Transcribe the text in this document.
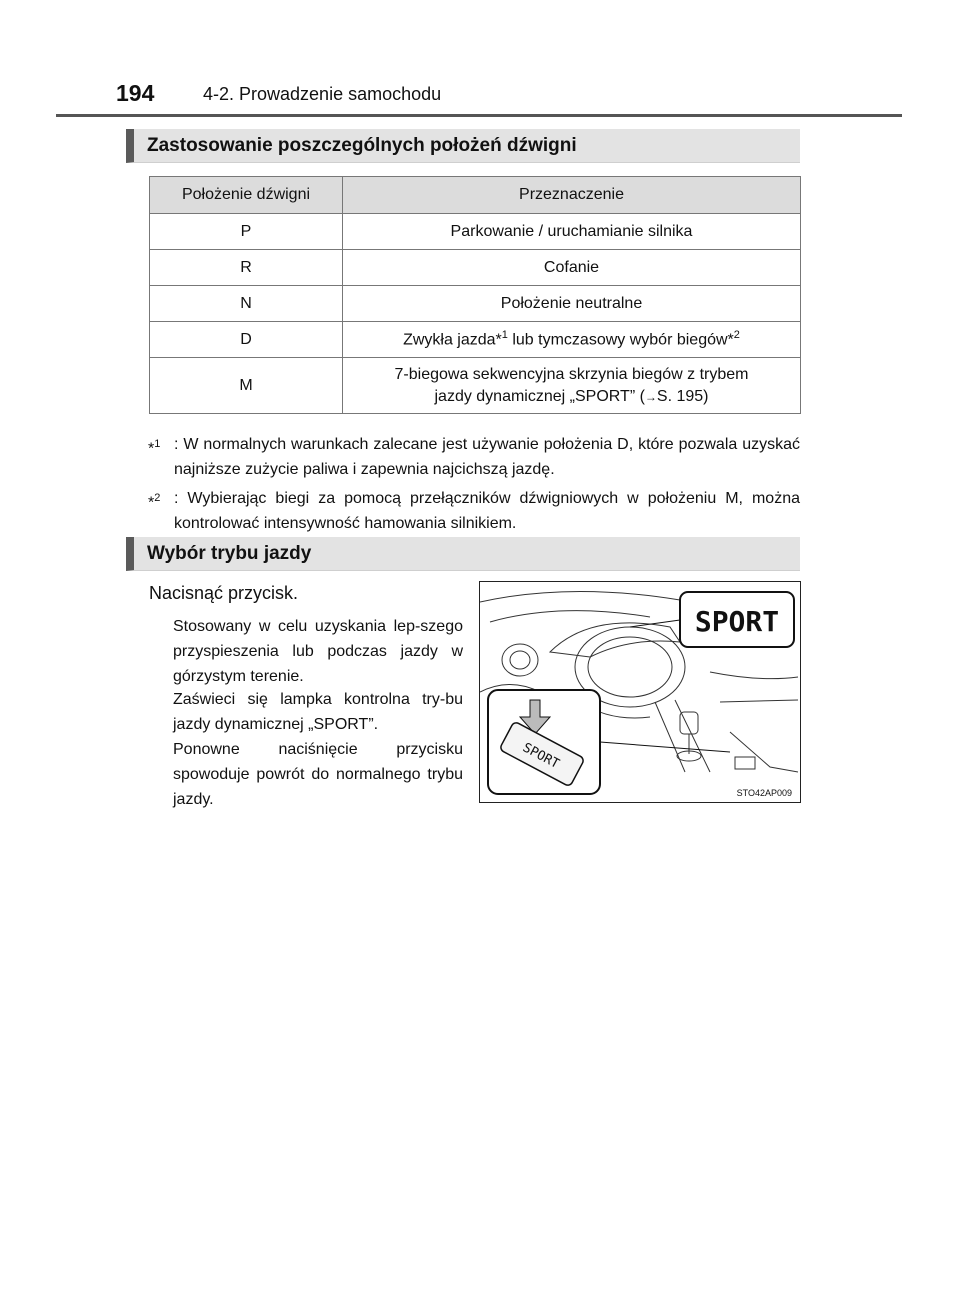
194	4-2. Prowadzenie samochodu
Zastosowanie poszczególnych położeń dźwigni
Położenie dźwigni	Przeznaczenie
P	Parkowanie / uruchamianie silnika
R	Cofanie
N	Położenie neutralne
D	Zwykła jazda*$^1$ lub tymczasowy wybór biegów*$^2$
M	7-biegowa sekwencyjna skrzynia biegów z trybem
jazdy dynamicznej „SPORT” (→S. 195)
*$^1$ : W normalnych warunkach zalecane jest używanie położenia D, które pozwala uzyskać najniższe zużycie paliwa i zapewnia najcichszą jazdę.
*$^2$ : Wybierając biegi za pomocą przełączników dźwigniowych w położeniu M, można kontrolować intensywność hamowania silnikiem.
Wybór trybu jazdy
Nacisnąć przycisk.
Stosowany w celu uzyskania lep-szego przyspieszenia lub podczas jazdy w górzystym terenie.
Zaświeci się lampka kontrolna try-bu jazdy dynamicznej „SPORT”.
Ponowne naciśnięcie przycisku spowoduje powrót do normalnego trybu jazdy.
SPORT
SPORT
STO42AP009
